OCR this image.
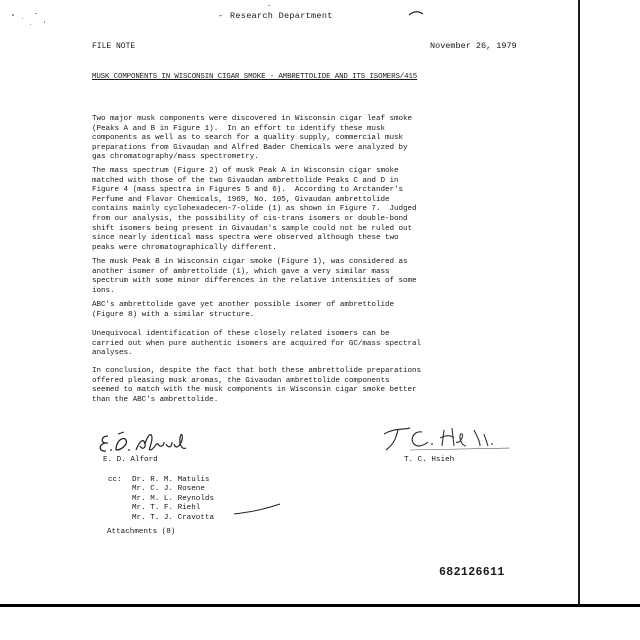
- Research Department
FILE NOTE	November 26, 1979
MUSK COMPONENTS IN WISCONSIN CIGAR SMOKE - AMBRETTOLIDE AND ITS ISOMERS/415
Two major musk components were discovered in Wisconsin cigar leaf smoke
(Peaks A and B in Figure 1).  In an effort to identify these musk
components as well as to search for a quality supply, commercial musk
preparations from Givaudan and Alfred Bader Chemicals were analyzed by
gas chromatography/mass spectrometry.
The mass spectrum (Figure 2) of musk Peak A in Wisconsin cigar smoke
matched with those of the two Givaudan ambrettolide Peaks C and D in
Figure 4 (mass spectra in Figures 5 and 6).  According to Arctander's
Perfume and Flavor Chemicals, 1969, No. 105, Givaudan ambrettolide
contains mainly cyclohexadecen-7-olide (1) as shown in Figure 7.  Judged
from our analysis, the possibility of cis-trans isomers or double-bond
shift isomers being present in Givaudan's sample could not be ruled out
since nearly identical mass spectra were observed although these two
peaks were chromatographically different.
The musk Peak B in Wisconsin cigar smoke (Figure 1), was considered as
another isomer of ambrettolide (1), which gave a very similar mass
spectrum with some minor differences in the relative intensities of some
ions.
ABC's ambrettolide gave yet another possible isomer of ambrettolide
(Figure 8) with a similar structure.
Unequivocal identification of these closely related isomers can be
carried out when pure authentic isomers are acquired for GC/mass spectral
analyses.
In conclusion, despite the fact that both these ambrettolide preparations
offered pleasing musk aromas, the Givaudan ambrettolide components
seemed to match with the musk components in Wisconsin cigar smoke better
than the ABC's ambrettolide.
E. D. Alford	T. C. Hsieh
cc: Dr. R. M. Matulis
Mr. C. J. Rosene
Mr. M. L. Reynolds
Mr. T. F. Riehl
Mr. T. J. Cravotta
Attachments (8)
682126611
